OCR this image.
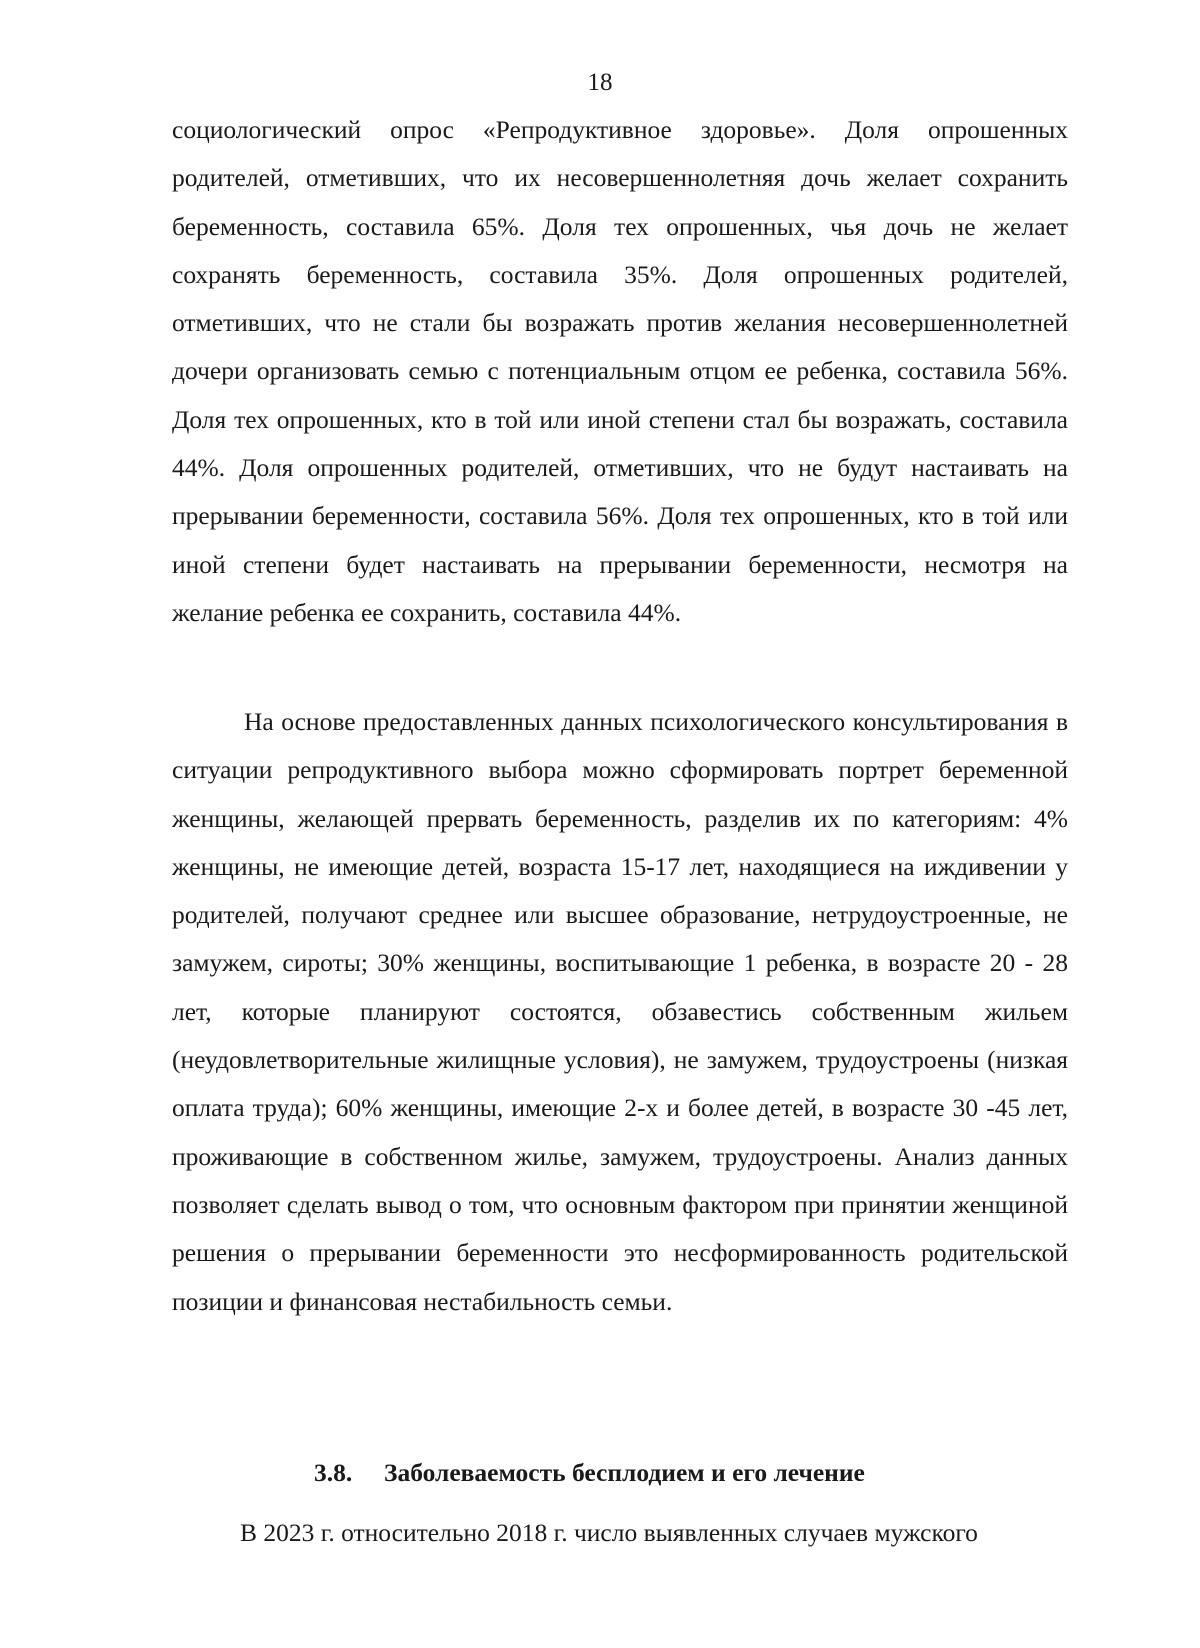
18

социологический опрос «Репродуктивное здоровье». Доля опрошенных родителей, отметивших, что их несовершеннолетняя дочь желает сохранить беременность, составила 65%. Доля тех опрошенных, чья дочь не желает сохранять беременность, составила 35%. Доля опрошенных родителей, отметивших, что не стали бы возражать против желания несовершеннолетней дочери организовать семью с потенциальным отцом ее ребенка, составила 56%. Доля тех опрошенных, кто в той или иной степени стал бы возражать, составила 44%. Доля опрошенных родителей, отметивших, что не будут настаивать на прерывании беременности, составила 56%. Доля тех опрошенных, кто в той или иной степени будет настаивать на прерывании беременности, несмотря на желание ребенка ее сохранить, составила 44%.

На основе предоставленных данных психологического консультирования в ситуации репродуктивного выбора можно сформировать портрет беременной женщины, желающей прервать беременность, разделив их по категориям: 4% женщины, не имеющие детей, возраста 15-17 лет, находящиеся на иждивении у родителей, получают среднее или высшее образование, нетрудоустроенные, не замужем, сироты; 30% женщины, воспитывающие 1 ребенка, в возрасте 20 - 28 лет, которые планируют состоятся, обзавестись собственным жильем (неудовлетворительные жилищные условия), не замужем, трудоустроены (низкая оплата труда); 60% женщины, имеющие 2-х и более детей, в возрасте 30 -45 лет, проживающие в собственном жилье, замужем, трудоустроены. Анализ данных позволяет сделать вывод о том, что основным фактором при принятии женщиной решения о прерывании беременности это несформированность родительской позиции и финансовая нестабильность семьи.

3.8. Заболеваемость бесплодием и его лечение

В 2023 г. относительно 2018 г. число выявленных случаев мужского
